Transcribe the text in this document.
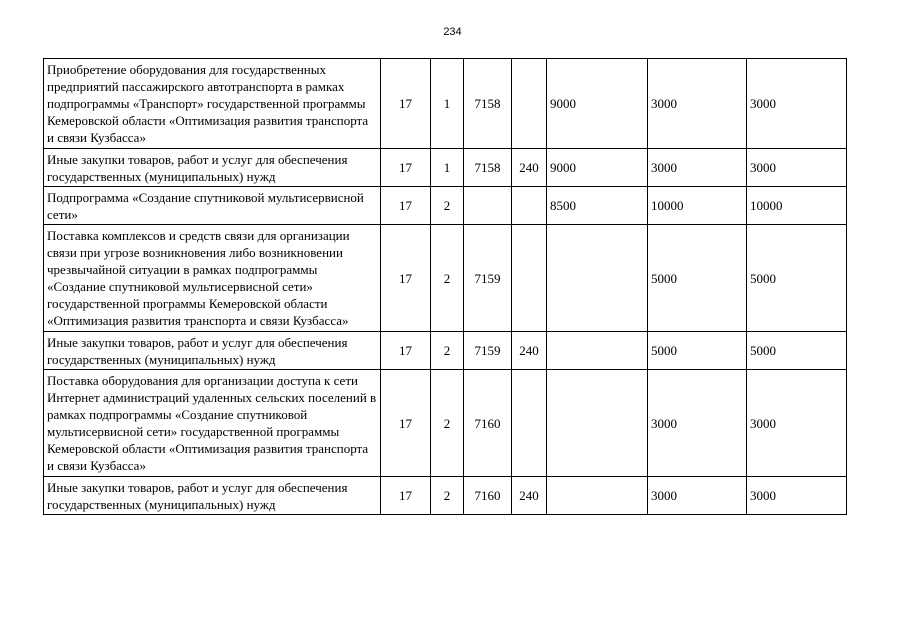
234
Приобретение оборудования для государственных предприятий пассажирского автотранспорта в рамках подпрограммы «Транспорт» государственной программы Кемеровской области «Оптимизация развития транспорта и связи Кузбасса»	17	1	7158		9000	3000	3000
Иные закупки товаров, работ и услуг для обеспечения государственных (муниципальных) нужд	17	1	7158	240	9000	3000	3000
Подпрограмма «Создание спутниковой мультисервисной сети»	17	2			8500	10000	10000
Поставка комплексов и средств связи для организации связи при угрозе возникновения либо возникновении чрезвычайной ситуации в рамках подпрограммы «Создание спутниковой мультисервисной сети» государственной программы Кемеровской области «Оптимизация развития транспорта и связи Кузбасса»	17	2	7159			5000	5000
Иные закупки товаров, работ и услуг для обеспечения государственных (муниципальных) нужд	17	2	7159	240		5000	5000
Поставка оборудования для организации доступа к сети Интернет администраций удаленных сельских поселений в рамках подпрограммы «Создание спутниковой мультисервисной сети» государственной программы Кемеровской области «Оптимизация развития транспорта и связи Кузбасса»	17	2	7160			3000	3000
Иные закупки товаров, работ и услуг для обеспечения государственных (муниципальных) нужд	17	2	7160	240		3000	3000
